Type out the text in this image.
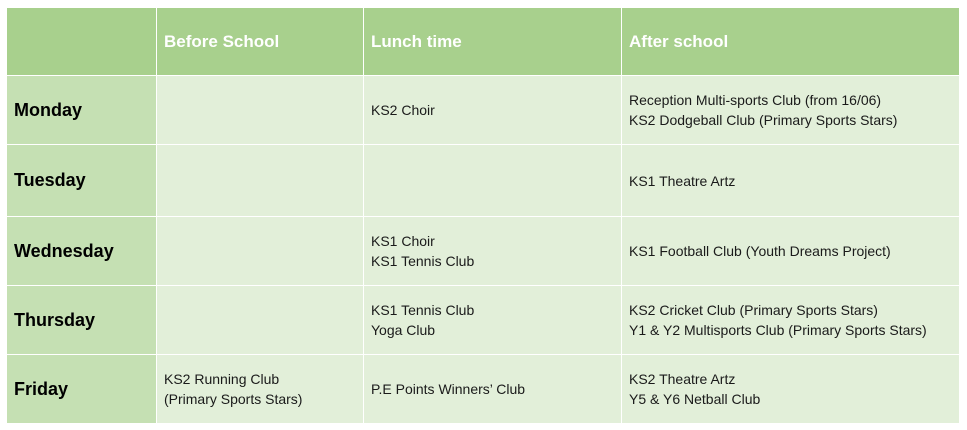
	Before School	Lunch time	After school
Monday		KS2 Choir	Reception Multi-sports Club (from 16/06)
KS2 Dodgeball Club (Primary Sports Stars)

Tuesday			KS1 Theatre Artz

Wednesday		KS1 Choir
KS1 Tennis Club	KS1 Football Club (Youth Dreams Project)

Thursday		KS1 Tennis Club
Yoga Club	KS2 Cricket Club (Primary Sports Stars)
Y1 & Y2 Multisports Club (Primary Sports Stars)

Friday	KS2 Running Club
(Primary Sports Stars)	P.E Points Winners’ Club	KS2 Theatre Artz
Y5 & Y6 Netball Club
